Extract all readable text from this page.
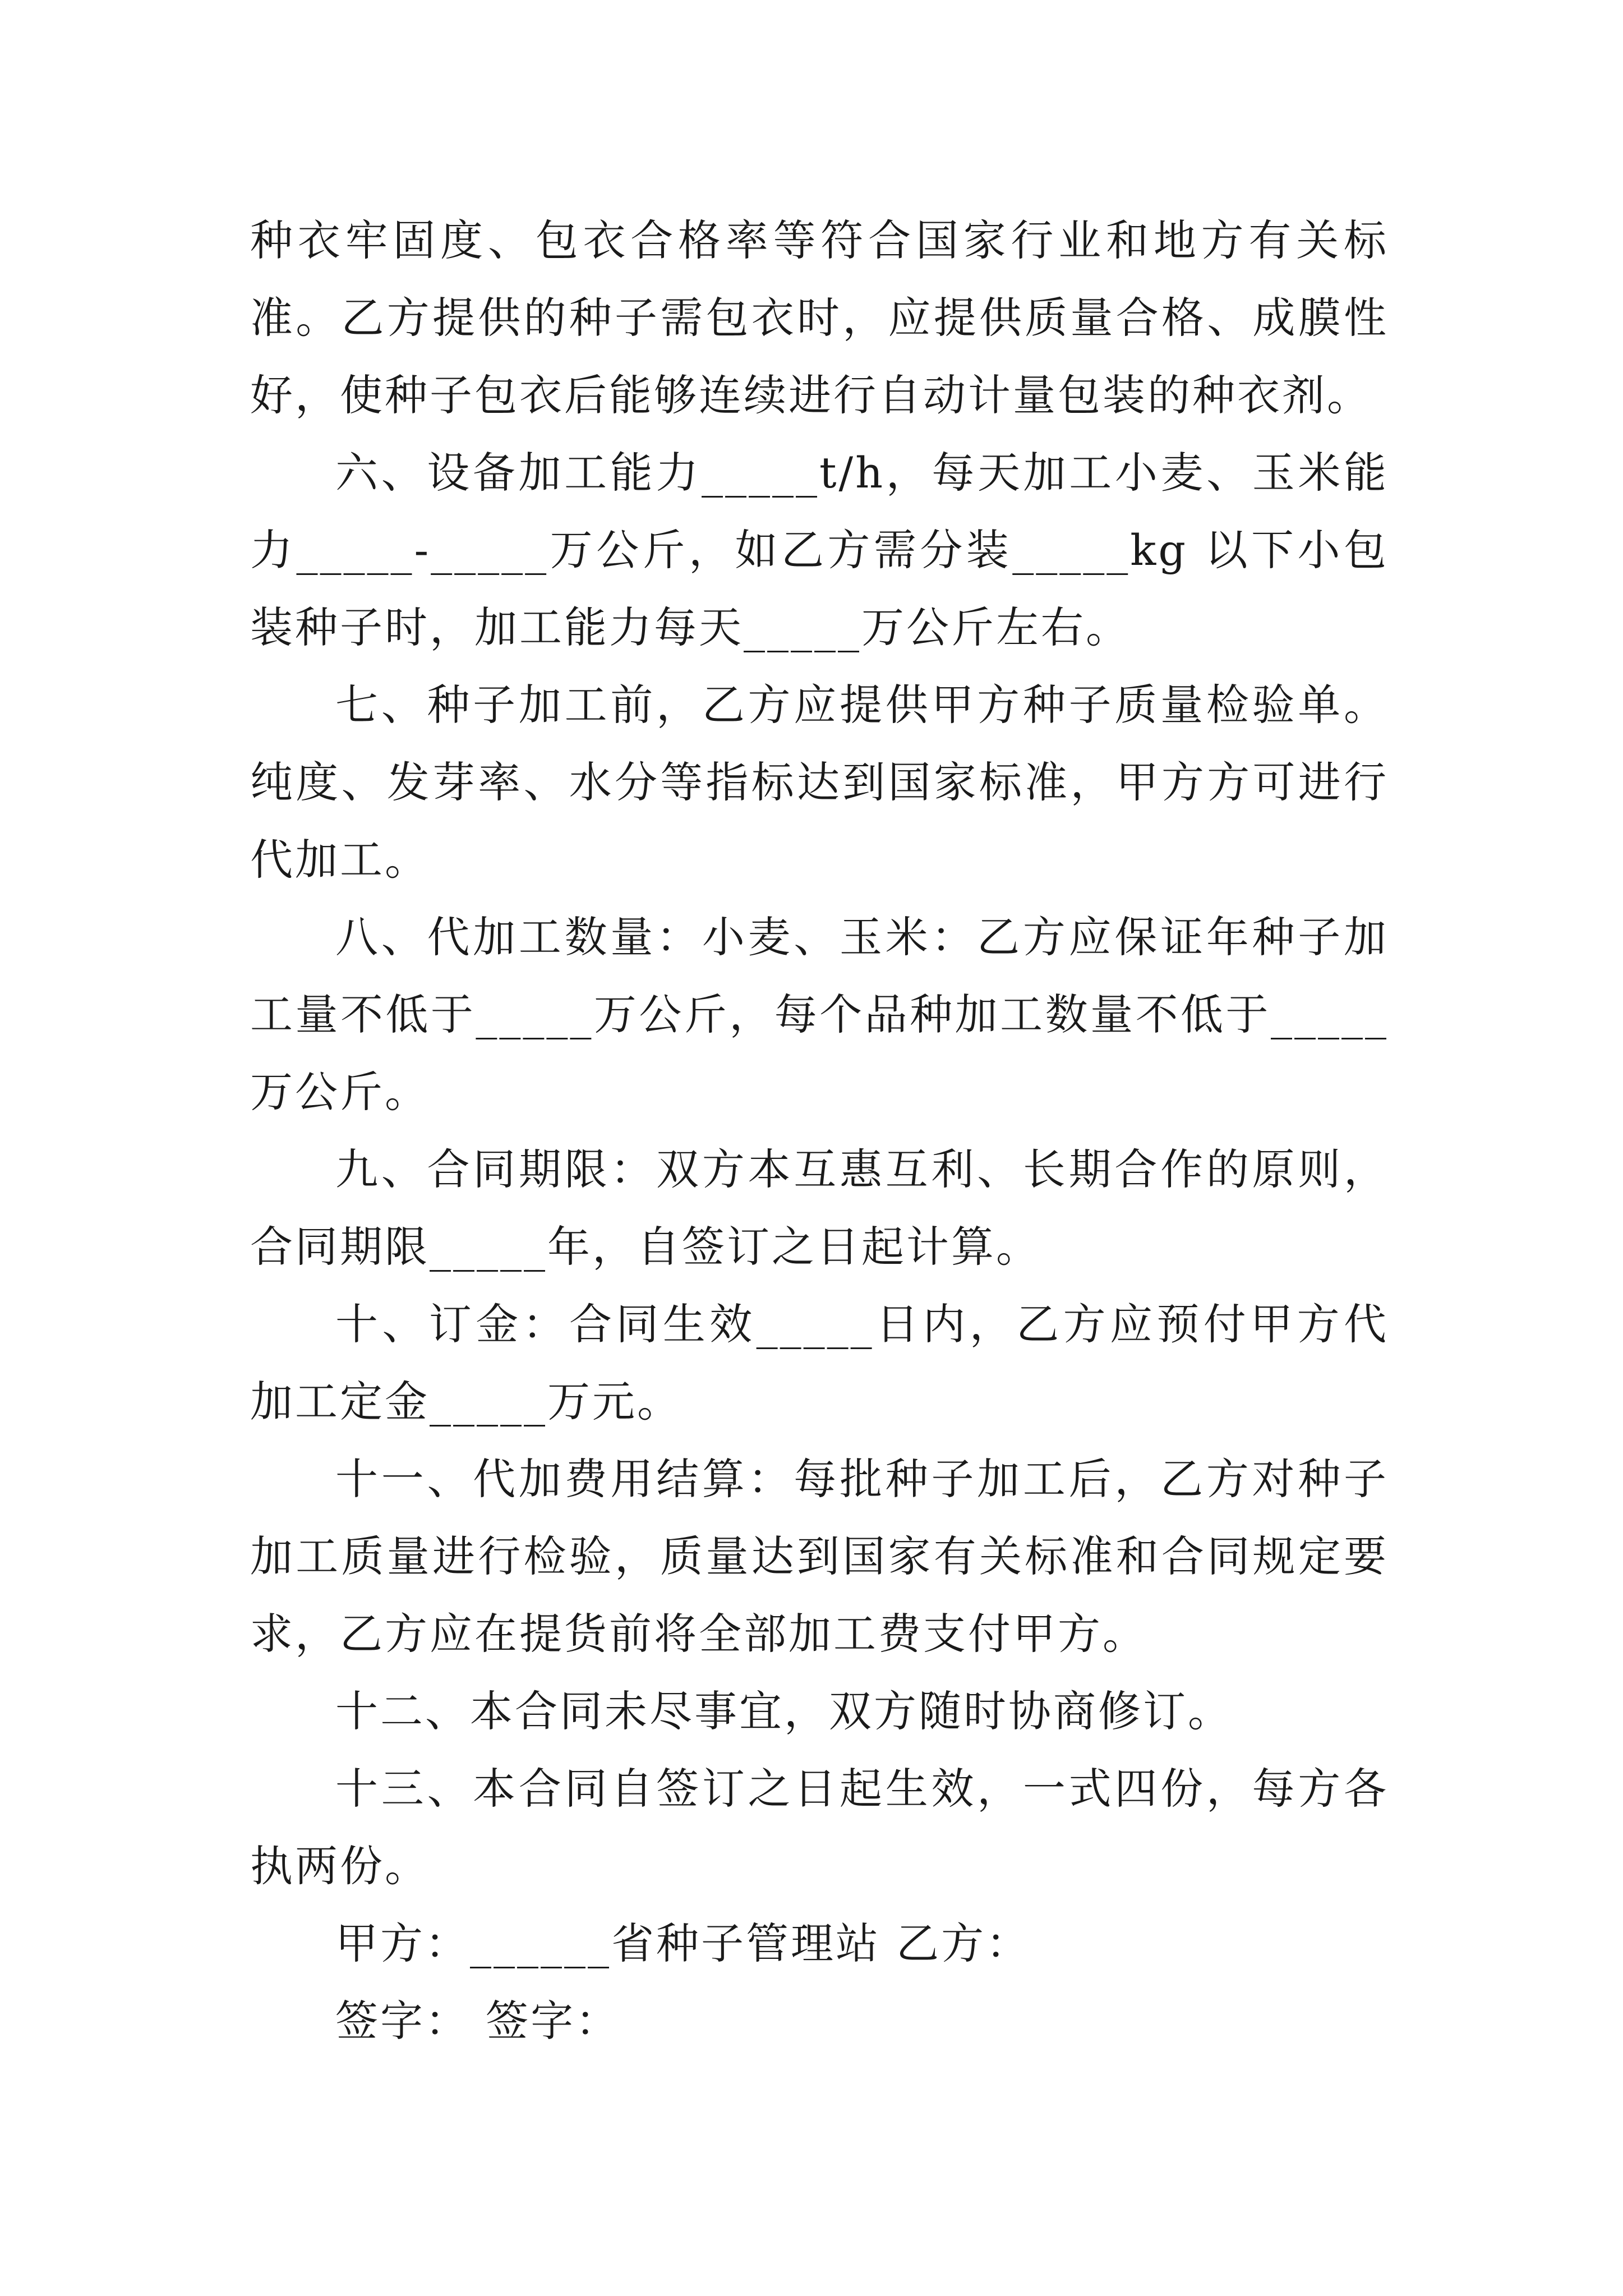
种衣牢固度、包衣合格率等符合国家行业和地方有关标准。乙方提供的种子需包衣时，应提供质量合格、成膜性好，使种子包衣后能够连续进行自动计量包装的种衣剂。

六、设备加工能力_____t/h，每天加工小麦、玉米能力_____-_____万公斤，如乙方需分装_____kg 以下小包装种子时，加工能力每天_____万公斤左右。

七、种子加工前，乙方应提供甲方种子质量检验单。纯度、发芽率、水分等指标达到国家标准，甲方方可进行代加工。

八、代加工数量：小麦、玉米：乙方应保证年种子加工量不低于_____万公斤，每个品种加工数量不低于_____万公斤。

九、合同期限：双方本互惠互利、长期合作的原则，合同期限_____年，自签订之日起计算。

十、订金：合同生效_____日内，乙方应预付甲方代加工定金_____万元。

十一、代加费用结算：每批种子加工后，乙方对种子加工质量进行检验，质量达到国家有关标准和合同规定要求，乙方应在提货前将全部加工费支付甲方。

十二、本合同未尽事宜，双方随时协商修订。

十三、本合同自签订之日起生效，一式四份，每方各执两份。

甲方：______省种子管理站 乙方：

签字： 签字：
